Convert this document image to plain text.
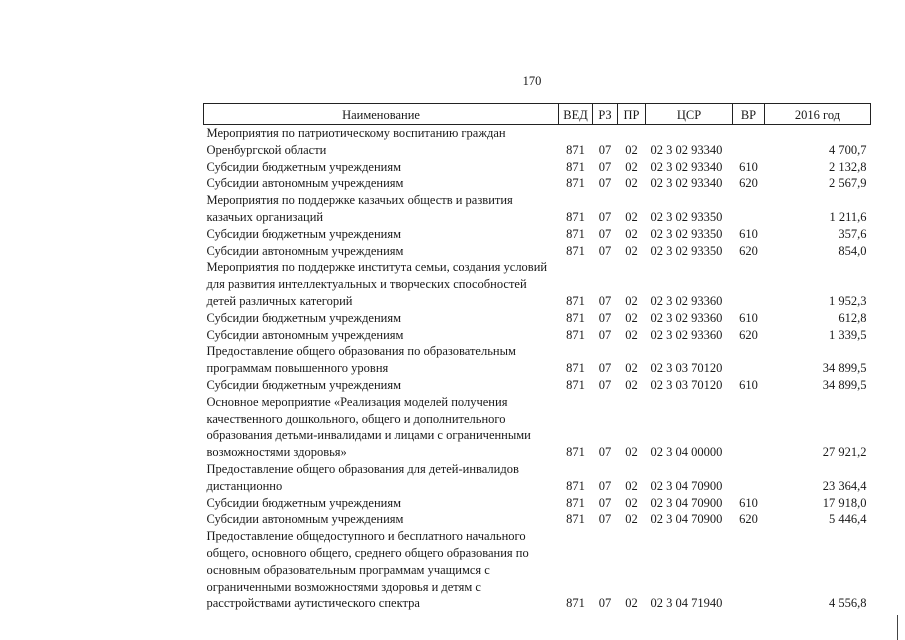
170
Наименование	ВЕД	РЗ	ПР	ЦСР	ВР	2016 год
Мероприятия по патриотическому воспитанию граждан Оренбургской области	871	07	02	02 3 02 93340		4 700,7
Субсидии бюджетным учреждениям	871	07	02	02 3 02 93340	610	2 132,8
Субсидии автономным учреждениям	871	07	02	02 3 02 93340	620	2 567,9
Мероприятия по поддержке казачьих обществ и развития казачьих организаций	871	07	02	02 3 02 93350		1 211,6
Субсидии бюджетным учреждениям	871	07	02	02 3 02 93350	610	357,6
Субсидии автономным учреждениям	871	07	02	02 3 02 93350	620	854,0
Мероприятия по поддержке института семьи, создания условий для развития интеллектуальных и творческих способностей детей различных категорий	871	07	02	02 3 02 93360		1 952,3
Субсидии бюджетным учреждениям	871	07	02	02 3 02 93360	610	612,8
Субсидии автономным учреждениям	871	07	02	02 3 02 93360	620	1 339,5
Предоставление общего образования по образовательным программам повышенного уровня	871	07	02	02 3 03 70120		34 899,5
Субсидии бюджетным учреждениям	871	07	02	02 3 03 70120	610	34 899,5
Основное мероприятие «Реализация моделей получения качественного дошкольного, общего и дополнительного образования детьми-инвалидами и лицами с ограниченными возможностями здоровья»	871	07	02	02 3 04 00000		27 921,2
Предоставление общего образования для детей-инвалидов дистанционно	871	07	02	02 3 04 70900		23 364,4
Субсидии бюджетным учреждениям	871	07	02	02 3 04 70900	610	17 918,0
Субсидии автономным учреждениям	871	07	02	02 3 04 70900	620	5 446,4
Предоставление общедоступного и бесплатного начального общего, основного общего, среднего общего образования по основным образовательным программам учащимся с ограниченными возможностями здоровья и детям с расстройствами аутистического спектра	871	07	02	02 3 04 71940		4 556,8
